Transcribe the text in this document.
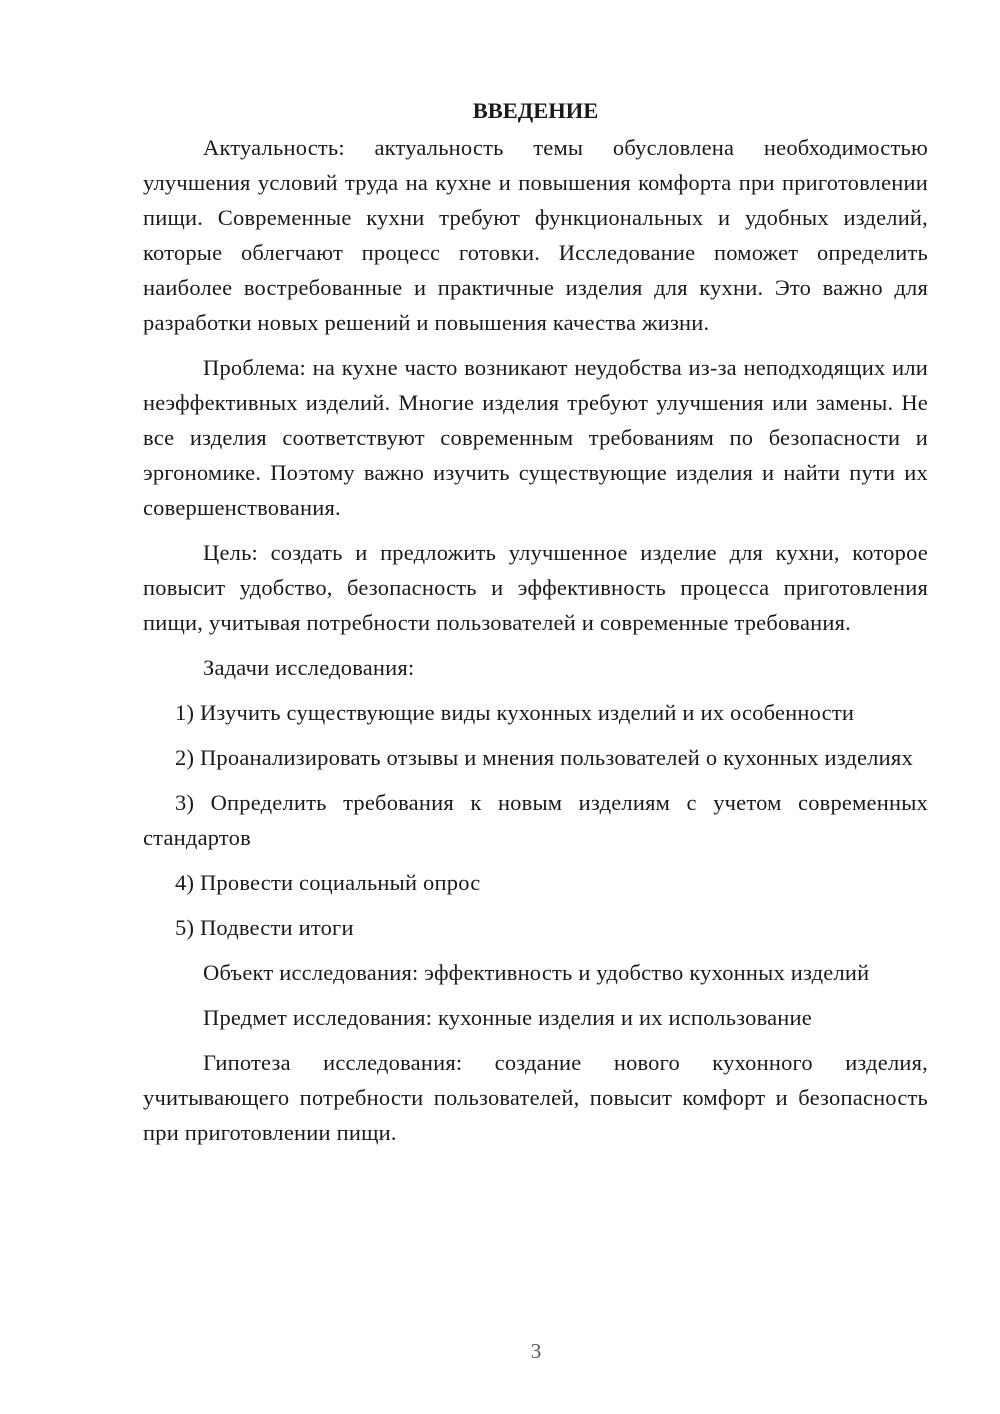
ВВЕДЕНИЕ

Актуальность: актуальность темы обусловлена необходимостью улучшения условий труда на кухне и повышения комфорта при приготовлении пищи. Современные кухни требуют функциональных и удобных изделий, которые облегчают процесс готовки. Исследование поможет определить наиболее востребованные и практичные изделия для кухни. Это важно для разработки новых решений и повышения качества жизни.

Проблема: на кухне часто возникают неудобства из-за неподходящих или неэффективных изделий. Многие изделия требуют улучшения или замены. Не все изделия соответствуют современным требованиям по безопасности и эргономике. Поэтому важно изучить существующие изделия и найти пути их совершенствования.

Цель: создать и предложить улучшенное изделие для кухни, которое повысит удобство, безопасность и эффективность процесса приготовления пищи, учитывая потребности пользователей и современные требования.

Задачи исследования:

1) Изучить существующие виды кухонных изделий и их особенности

2) Проанализировать отзывы и мнения пользователей о кухонных изделиях

3) Определить требования к новым изделиям с учетом современных стандартов

4) Провести социальный опрос

5) Подвести итоги

Объект исследования: эффективность и удобство кухонных изделий

Предмет исследования: кухонные изделия и их использование

Гипотеза исследования: создание нового кухонного изделия, учитывающего потребности пользователей, повысит комфорт и безопасность при приготовлении пищи.

3
